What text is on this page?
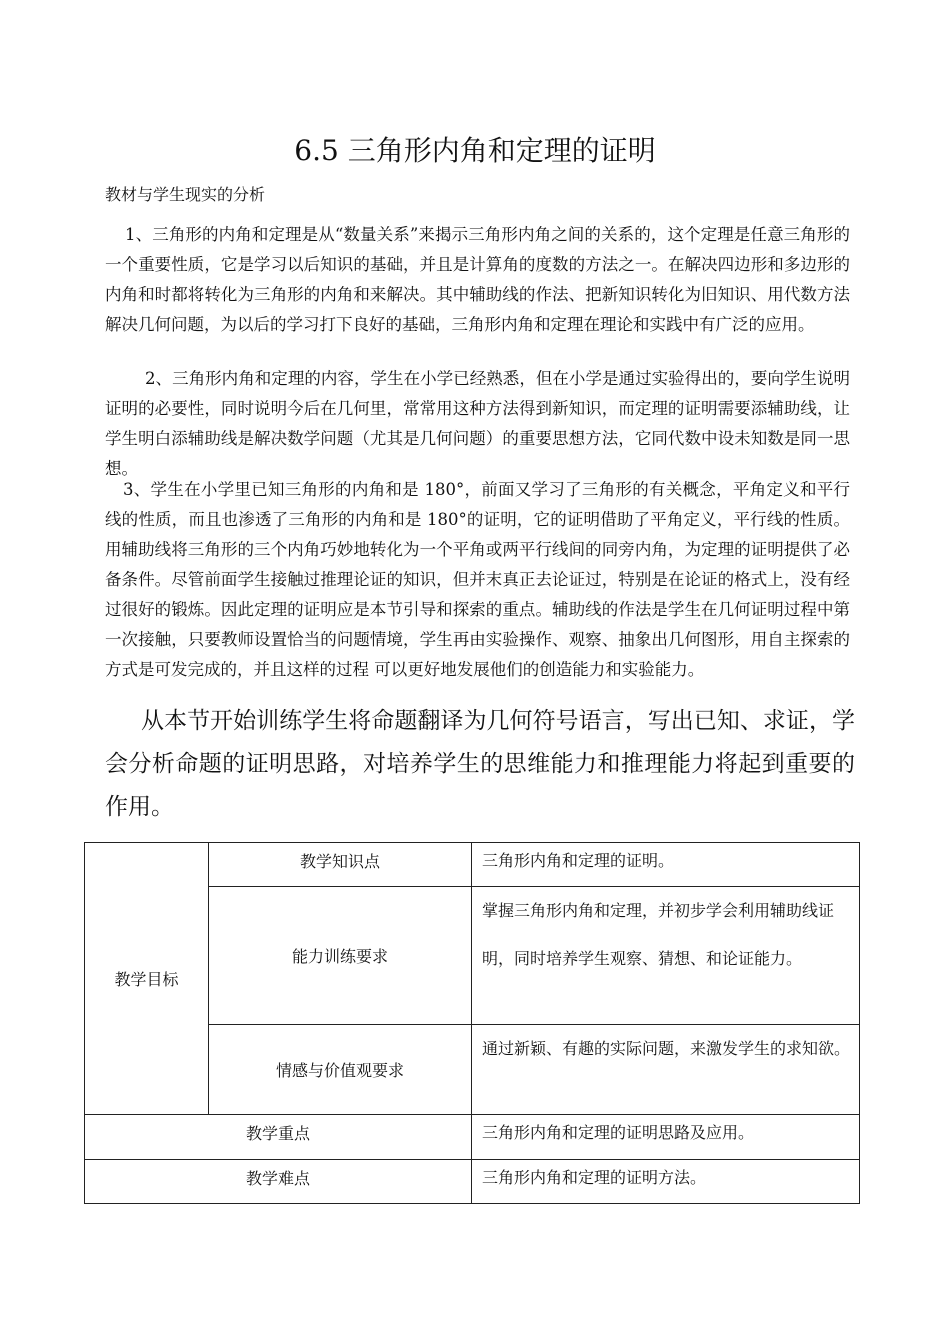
6.5 三角形内角和定理的证明
教材与学生现实的分析

1、三角形的内角和定理是从“数量关系”来揭示三角形内角之间的关系的，这个定理是任意三角形的一个重要性质，它是学习以后知识的基础，并且是计算角的度数的方法之一。在解决四边形和多边形的内角和时都将转化为三角形的内角和来解决。其中辅助线的作法、把新知识转化为旧知识、用代数方法解决几何问题，为以后的学习打下良好的基础，三角形内角和定理在理论和实践中有广泛的应用。

2、三角形内角和定理的内容，学生在小学已经熟悉，但在小学是通过实验得出的，要向学生说明证明的必要性，同时说明今后在几何里，常常用这种方法得到新知识，而定理的证明需要添辅助线，让学生明白添辅助线是解决数学问题（尤其是几何问题）的重要思想方法，它同代数中设未知数是同一思想。

3、学生在小学里已知三角形的内角和是 180°，前面又学习了三角形的有关概念，平角定义和平行线的性质，而且也渗透了三角形的内角和是 180°的证明，它的证明借助了平角定义，平行线的性质。用辅助线将三角形的三个内角巧妙地转化为一个平角或两平行线间的同旁内角，为定理的证明提供了必备条件。尽管前面学生接触过推理论证的知识，但并末真正去论证过，特别是在论证的格式上，没有经过很好的锻炼。因此定理的证明应是本节引导和探索的重点。辅助线的作法是学生在几何证明过程中第一次接触，只要教师设置恰当的问题情境，学生再由实验操作、观察、抽象出几何图形，用自主探索的方式是可发完成的，并且这样的过程 可以更好地发展他们的创造能力和实验能力。

从本节开始训练学生将命题翻译为几何符号语言，写出已知、求证，学会分析命题的证明思路，对培养学生的思维能力和推理能力将起到重要的作用。

教学目标	教学知识点	三角形内角和定理的证明。
	能力训练要求	掌握三角形内角和定理，并初步学会利用辅助线证明，同时培养学生观察、猜想、和论证能力。
	情感与价值观要求	通过新颖、有趣的实际问题，来激发学生的求知欲。
教学重点		三角形内角和定理的证明思路及应用。
教学难点		三角形内角和定理的证明方法。
